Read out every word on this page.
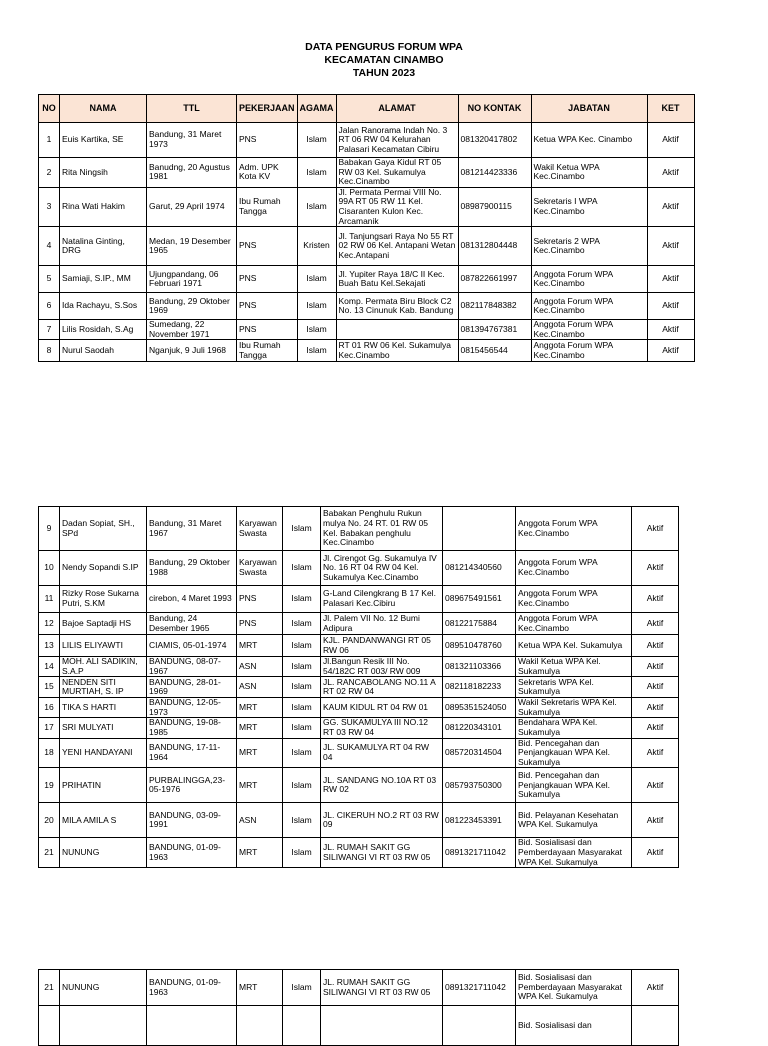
DATA PENGURUS FORUM WPA
KECAMATAN CINAMBO
TAHUN 2023
NO	NAMA	TTL	PEKERJAAN	AGAMA	ALAMAT	NO KONTAK	JABATAN	KET
1	Euis Kartika, SE	Bandung, 31 Maret 1973	PNS	Islam	Jalan Ranorama Indah No. 3 RT 06 RW 04 Kelurahan Palasari Kecamatan Cibiru	081320417802	Ketua WPA Kec. Cinambo	Aktif
2	Rita Ningsih	Banudng, 20 Agustus 1981	Adm. UPK Kota KV	Islam	Babakan Gaya Kidul RT 05 RW 03 Kel. Sukamulya Kec.Cinambo	081214423336	Wakil Ketua WPA Kec.Cinambo	Aktif
3	Rina Wati Hakim	Garut, 29 April 1974	Ibu Rumah Tangga	Islam	Jl. Permata Permai VIII No. 99A RT 05 RW 11 Kel. Cisaranten Kulon Kec. Arcamanik	08987900115	Sekretaris I WPA Kec.Cinambo	Aktif
4	Natalina Ginting, DRG	Medan, 19 Desember 1965	PNS	Kristen	Jl. Tanjungsari Raya No 55 RT 02 RW 06 Kel. Antapani Wetan Kec.Antapani	081312804448	Sekretaris 2 WPA Kec.Cinambo	Aktif
5	Samiaji, S.IP., MM	Ujungpandang, 06 Februari 1971	PNS	Islam	Jl. Yupiter Raya 18/C II Kec. Buah Batu Kel.Sekajati	087822661997	Anggota Forum WPA Kec.Cinambo	Aktif
6	Ida Rachayu, S.Sos	Bandung, 29 Oktober 1969	PNS	Islam	Komp. Permata Biru Block C2 No. 13 Cinunuk Kab. Bandung	082117848382	Anggota Forum WPA Kec.Cinambo	Aktif
7	Lilis Rosidah, S.Ag	Sumedang, 22 November 1971	PNS	Islam		081394767381	Anggota Forum WPA Kec.Cinambo	Aktif
8	Nurul Saodah	Nganjuk, 9 Juli 1968	Ibu Rumah Tangga	Islam	RT 01 RW 06 Kel. Sukamulya Kec.Cinambo	0815456544	Anggota Forum WPA Kec.Cinambo	Aktif
9	Dadan Sopiat, SH., SPd	Bandung, 31 Maret 1967	Karyawan Swasta	Islam	Babakan Penghulu Rukun mulya No. 24 RT. 01 RW 05 Kel. Babakan penghulu Kec.Cinambo		Anggota Forum WPA Kec.Cinambo	Aktif
10	Nendy Sopandi S.IP	Bandung, 29 Oktober 1988	Karyawan Swasta	Islam	Jl. Cirengot Gg. Sukamulya IV No. 16 RT 04 RW 04 Kel. Sukamulya Kec.Cinambo	081214340560	Anggota Forum WPA Kec.Cinambo	Aktif
11	Rizky Rose Sukarna Putri, S.KM	cirebon, 4 Maret 1993	PNS	Islam	G-Land Cilengkrang B 17 Kel. Palasari Kec.Cibiru	089675491561	Anggota Forum WPA Kec.Cinambo	Aktif
12	Bajoe Saptadji HS	Bandung, 24 Desember 1965	PNS	Islam	Jl. Palem VII No. 12 Bumi Adipura	08122175884	Anggota Forum WPA Kec.Cinambo	Aktif
13	LILIS ELIYAWTI	CIAMIS, 05-01-1974	MRT	Islam	KJL. PANDANWANGI RT 05 RW 06	089510478760	Ketua WPA Kel. Sukamulya	Aktif
14	MOH. ALI SADIKIN, S.A.P	BANDUNG, 08-07-1967	ASN	Islam	Jl.Bangun Resik III No. 54/182C RT 003/ RW 009	081321103366	Wakil Ketua WPA Kel. Sukamulya	Aktif
15	NENDEN SITI MURTIAH, S. IP	BANDUNG, 28-01-1969	ASN	Islam	JL. RANCABOLANG NO.11 A RT 02 RW 04	082118182233	Sekretaris WPA Kel. Sukamulya	Aktif
16	TIKA S HARTI	BANDUNG, 12-05-1973	MRT	Islam	KAUM KIDUL RT 04 RW 01	0895351524050	Wakil Sekretaris WPA Kel. Sukamulya	Aktif
17	SRI MULYATI	BANDUNG, 19-08-1985	MRT	Islam	GG. SUKAMULYA III NO.12 RT 03 RW 04	081220343101	Bendahara WPA Kel. Sukamulya	Aktif
18	YENI HANDAYANI	BANDUNG, 17-11-1964	MRT	Islam	JL. SUKAMULYA RT 04 RW 04	085720314504	Bid. Pencegahan dan Penjangkauan WPA Kel. Sukamulya	Aktif
19	PRIHATIN	PURBALINGGA,23-05-1976	MRT	Islam	JL. SANDANG NO.10A RT 03 RW 02	085793750300	Bid. Pencegahan dan Penjangkauan WPA Kel. Sukamulya	Aktif
20	MILA AMILA S	BANDUNG, 03-09-1991	ASN	Islam	JL. CIKERUH NO.2 RT 03 RW 09	081223453391	Bid. Pelayanan Kesehatan WPA Kel. Sukamulya	Aktif
21	NUNUNG	BANDUNG, 01-09-1963	MRT	Islam	JL. RUMAH SAKIT GG SILIWANGI VI RT 03 RW 05	0891321711042	Bid. Sosialisasi dan Pemberdayaan Masyarakat WPA Kel. Sukamulya	Aktif
21	NUNUNG	BANDUNG, 01-09-1963	MRT	Islam	JL. RUMAH SAKIT GG SILIWANGI VI RT 03 RW 05	0891321711042	Bid. Sosialisasi dan Pemberdayaan Masyarakat WPA Kel. Sukamulya	Aktif
							Bid. Sosialisasi dan	
